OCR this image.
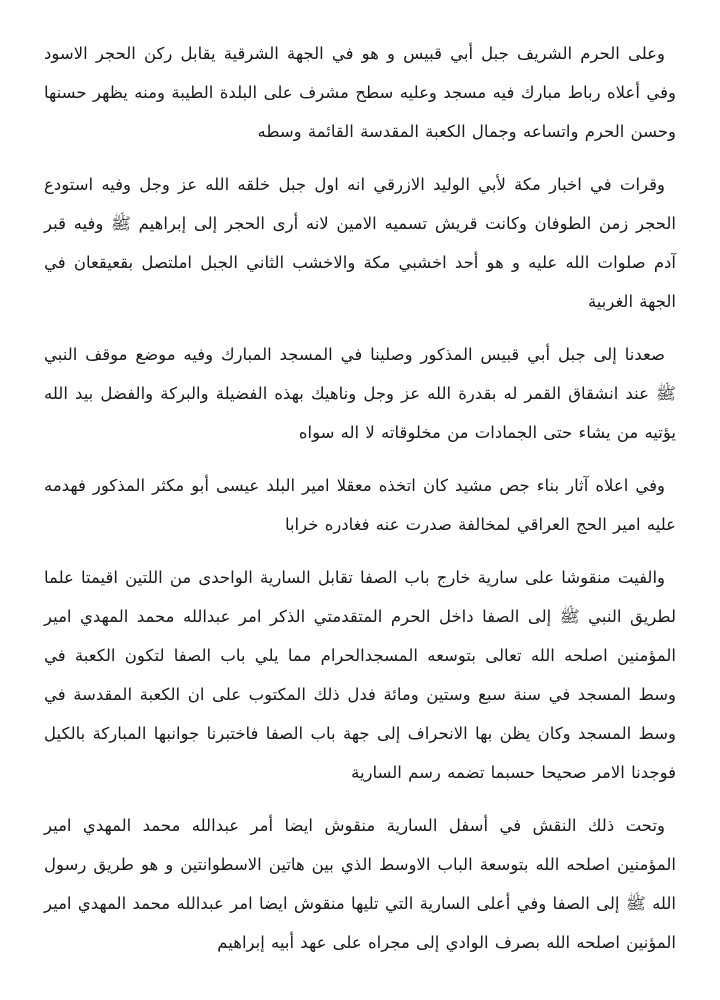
وعلى الحرم الشريف جبل أبي قبيس و هو في الجهة الشرقية يقابل ركن الحجر الاسود وفي أعلاه رباط مبارك فيه مسجد وعليه سطح مشرف على البلدة الطيبة ومنه يظهر حسنها وحسن الحرم واتساعه وجمال الكعبة المقدسة القائمة وسطه

وقرات في اخبار مكة لأبي الوليد الازرقي انه اول جبل خلقه الله عز وجل وفيه استودع الحجر زمن الطوفان وكانت قريش تسميه الامين لانه أرى الحجر إلى إبراهيم ﷺ وفيه قبر آدم صلوات الله عليه و هو أحد اخشبي مكة والاخشب الثاني الجبل املتصل بقعيقعان في الجهة الغربية

صعدنا إلى جبل أبي قبيس المذكور وصلينا في المسجد المبارك وفيه موضع موقف النبي ﷺ عند انشقاق القمر له بقدرة الله عز وجل وناهيك بهذه الفضيلة والبركة والفضل بيد الله يؤتيه من يشاء حتى الجمادات من مخلوقاته لا اله سواه

وفي اعلاه آثار بناء جص مشيد كان اتخذه معقلا امير البلد عيسى أبو مكثر المذكور فهدمه عليه امير الحج العراقي لمخالفة صدرت عنه فغادره خرابا

والفيت منقوشا على سارية خارج باب الصفا تقابل السارية الواحدى من اللتين اقيمتا علما لطريق النبي ﷺ إلى الصفا داخل الحرم المتقدمتي الذكر امر عبدالله محمد المهدي امير المؤمنين اصلحه الله تعالى بتوسعه المسجدالحرام مما يلي باب الصفا لتكون الكعبة في وسط المسجد في سنة سبع وستين ومائة فدل ذلك المكتوب على ان الكعبة المقدسة في وسط المسجد وكان يظن بها الانحراف إلى جهة باب الصفا فاختبرنا جوانبها المباركة بالكيل فوجدنا الامر صحيحا حسبما تضمه رسم السارية

وتحت ذلك النقش في أسفل السارية منقوش ايضا أمر عبدالله محمد المهدي امير المؤمنين اصلحه الله بتوسعة الباب الاوسط الذي بين هاتين الاسطوانتين و هو طريق رسول الله ﷺ إلى الصفا وفي أعلى السارية التي تليها منقوش ايضا امر عبدالله محمد المهدي امير المؤنين اصلحه الله بصرف الوادي إلى مجراه على عهد أبيه إبراهيم
